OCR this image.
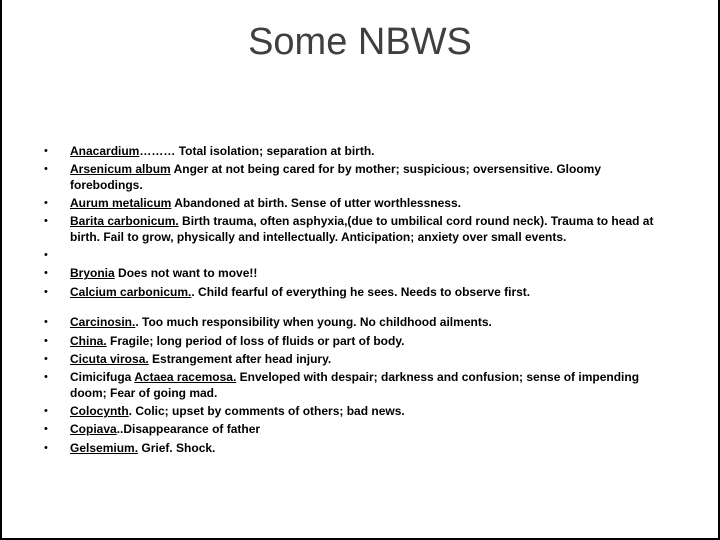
Some NBWS
•	Anacardium……… Total isolation; separation at birth.
•	Arsenicum album Anger at not being cared for by mother; suspicious; oversensitive. Gloomy forebodings.
•	Aurum metalicum Abandoned at birth. Sense of utter worthlessness.
•	Barita carbonicum. Birth trauma, often asphyxia,(due to umbilical cord round neck). Trauma to head at birth. Fail to grow, physically and intellectually. Anticipation; anxiety over small events.
•
•	Bryonia Does not want to move!!
•	Calcium carbonicum.. Child fearful of everything he sees. Needs to observe first.
•	Carcinosin.. Too much responsibility when young. No childhood ailments.
•	China. Fragile; long period of loss of fluids or part of body.
•	Cicuta virosa. Estrangement after head injury.
•	Cimicifuga Actaea racemosa. Enveloped with despair; darkness and confusion; sense of impending doom; Fear of going mad.
•	Colocynth. Colic; upset by comments of others; bad news.
•	Copiava..Disappearance of father
•	Gelsemium. Grief. Shock.
